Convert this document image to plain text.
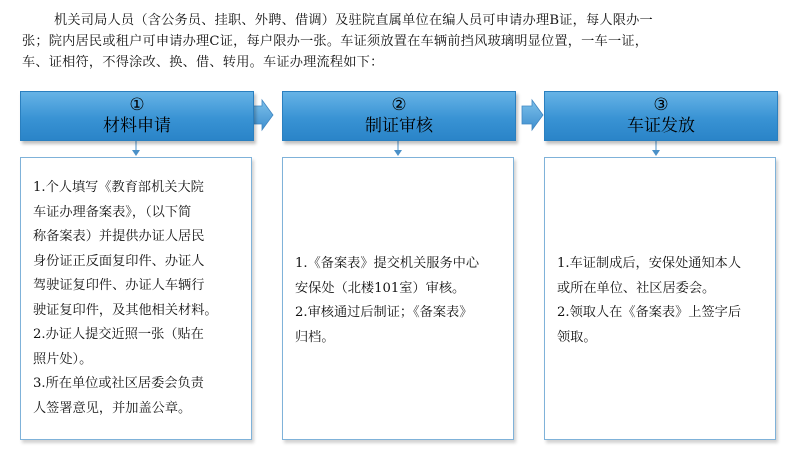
机关司局人员（含公务员、挂职、外聘、借调）及驻院直属单位在编人员可申请办理B证，每人限办一

张；院内居民或租户可申请办理C证，每户限办一张。车证须放置在车辆前挡风玻璃明显位置，一车一证，

车、证相符，不得涂改、换、借、转用。车证办理流程如下：

①
材料申请
②
制证审核
③
车证发放

1.个人填写《教育部机关大院

车证办理备案表》，（以下简

称备案表）并提供办证人居民

身份证正反面复印件、办证人

驾驶证复印件、办证人车辆行

驶证复印件，及其他相关材料。

2.办证人提交近照一张（贴在

照片处）。

3.所在单位或社区居委会负责

人签署意见，并加盖公章。

1.《备案表》提交机关服务中心

安保处（北楼101室）审核。

2.审核通过后制证；《备案表》

归档。

1.车证制成后，安保处通知本人

或所在单位、社区居委会。

2.领取人在《备案表》上签字后

领取。
